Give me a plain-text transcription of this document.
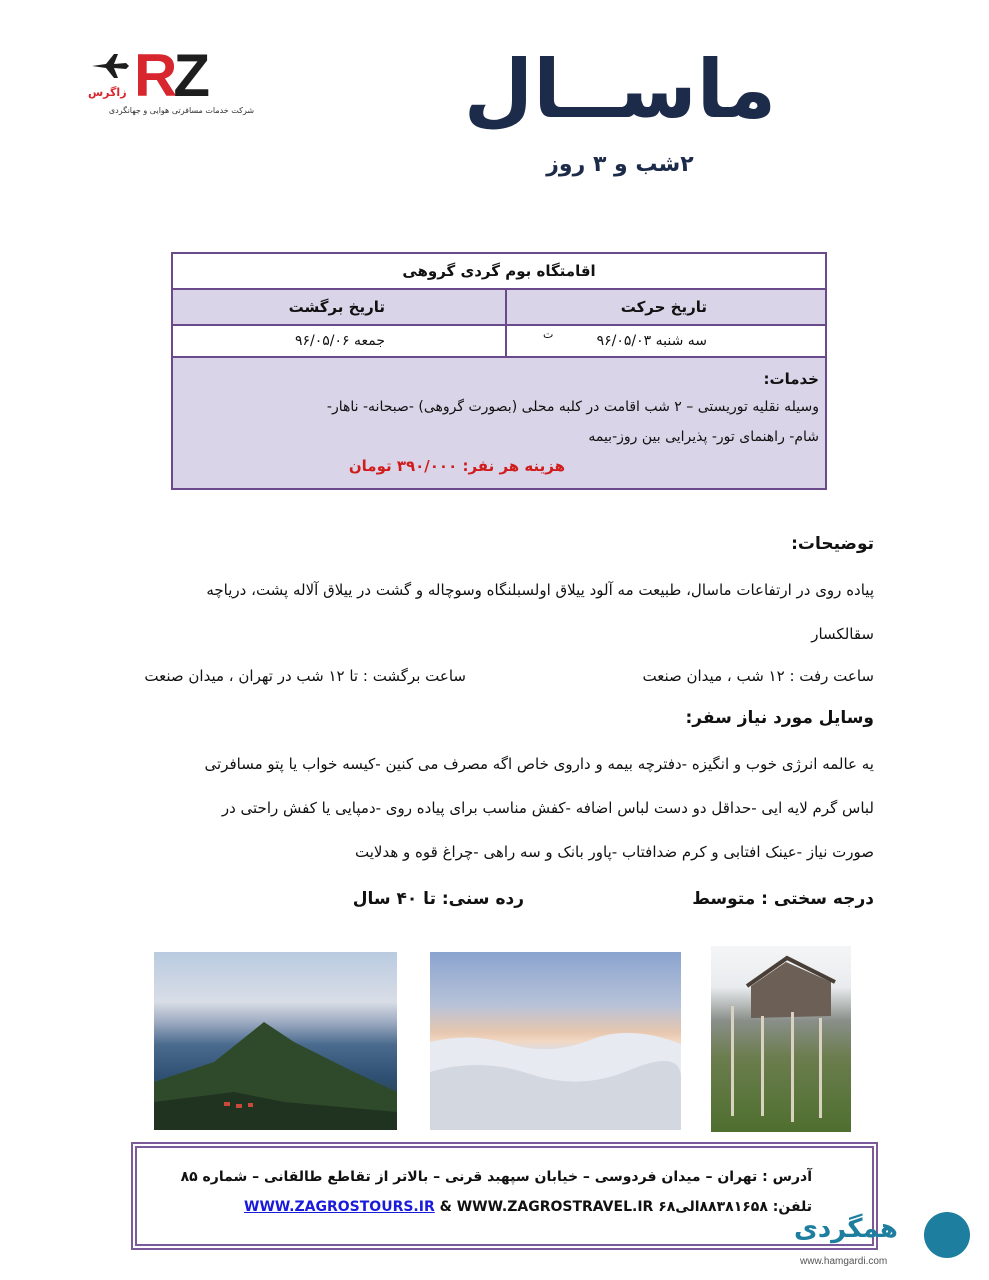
RZ
زاگرس
شرکت خدمات مسافرتی هوایی و جهانگردی	ماســال
۲شب و ۳ روز
اقامتگاه بوم گردی گروهی
تاریخ حرکت
تاریخ برگشت
سه شنبه ۹۶/۰۵/۰۳
جمعه ۹۶/۰۵/۰۶	ت
خدمات:
وسیله نقلیه توریستی – ۲ شب اقامت در کلبه محلی (بصورت گروهی) -صبحانه- ناهار-
شام- راهنمای تور- پذیرایی بین روز-بیمه
هزینه هر نفر: ۳۹۰/۰۰۰ تومان
توضیحات:
پیاده روی در ارتفاعات ماسال، طبیعت مه آلود ییلاق اولسبلنگاه وسوچاله و گشت در ییلاق آلاله پشت، دریاچه
سقالکسار
ساعت رفت : ۱۲ شب ، میدان صنعت
ساعت برگشت : تا ۱۲ شب در تهران ، میدان صنعت
وسایل مورد نیاز سفر:
یه عالمه انرژی خوب و انگیزه -دفترچه بیمه و داروی خاص اگه مصرف می کنین -کیسه خواب یا پتو مسافرتی
لباس گرم لایه ایی -حداقل دو دست لباس اضافه -کفش مناسب برای پیاده روی -دمپایی یا کفش راحتی در
صورت نیاز -عینک افتابی و کرم ضدافتاب -پاور بانک و سه راهی -چراغ قوه و هدلایت
درجه سختی : متوسط
رده سنی: تا ۴۰ سال
آدرس : تهران – میدان فردوسی – خیابان سپهبد قرنی – بالاتر از تقاطع طالقانی – شماره ۸۵
تلفن: ۸۸۳۸۱۶۵۸الی۶۸ WWW.ZAGROSTOURS.IR & WWW.ZAGROSTRAVEL.IR
همگردی
www.hamgardi.com
